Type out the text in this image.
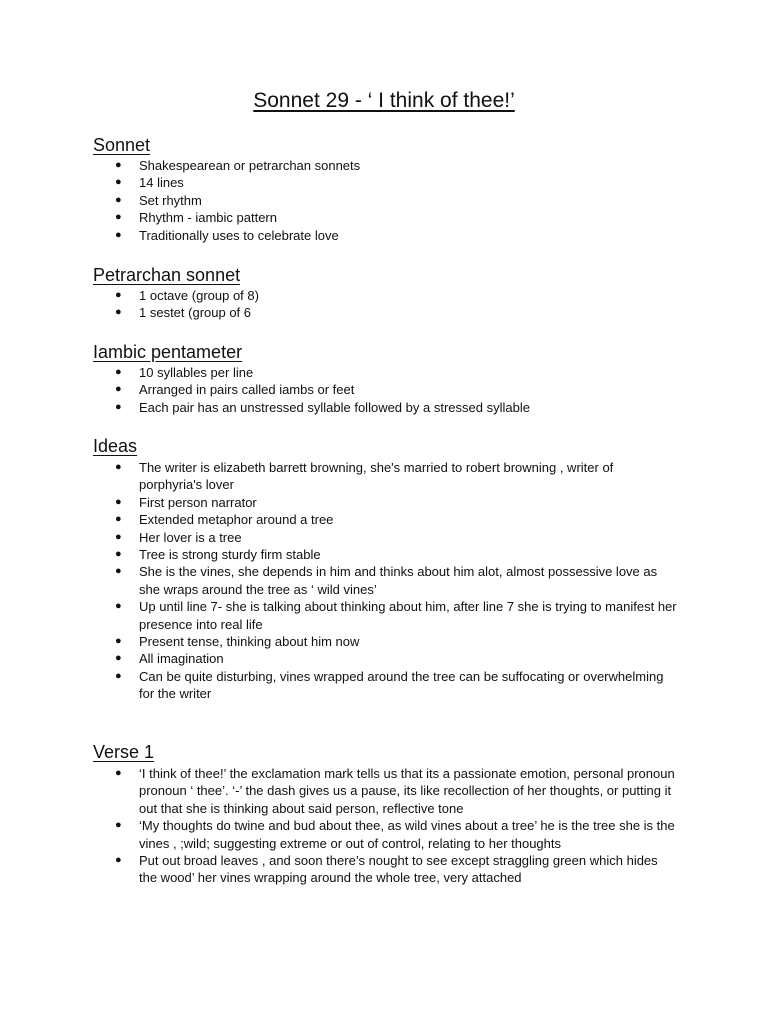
Sonnet 29 - ‘ I think of thee!’
Sonnet
● Shakespearean or petrarchan sonnets
● 14 lines
● Set rhythm
● Rhythm - iambic pattern
● Traditionally uses to celebrate love
Petrarchan sonnet
● 1 octave (group of 8)
● 1 sestet (group of 6
Iambic pentameter
● 10 syllables per line
● Arranged in pairs called iambs or feet
● Each pair has an unstressed syllable followed by a stressed syllable
Ideas
● The writer is elizabeth barrett browning, she's married to robert browning , writer of porphyria's lover
● First person narrator
● Extended metaphor around a tree
● Her lover is a tree
● Tree is strong sturdy firm stable
● She is the vines, she depends in him and thinks about him alot, almost possessive love as she wraps around the tree as ‘ wild vines’
● Up until line 7- she is talking about thinking about him, after line 7 she is trying to manifest her presence into real life
● Present tense, thinking about him now
● All imagination
● Can be quite disturbing, vines wrapped around the tree can be suffocating or overwhelming for the writer
Verse 1
● ‘I think of thee!’ the exclamation mark tells us that its a passionate emotion, personal pronoun pronoun ‘ thee’. ‘-’ the dash gives us a pause, its like recollection of her thoughts, or putting it out that she is thinking about said person, reflective tone
● ‘My thoughts do twine and bud about thee, as wild vines about a tree’ he is the tree she is the vines , ;wild; suggesting extreme or out of control, relating to her thoughts
● Put out broad leaves , and soon there’s nought to see except straggling green which hides the wood’ her vines wrapping around the whole tree, very attached
